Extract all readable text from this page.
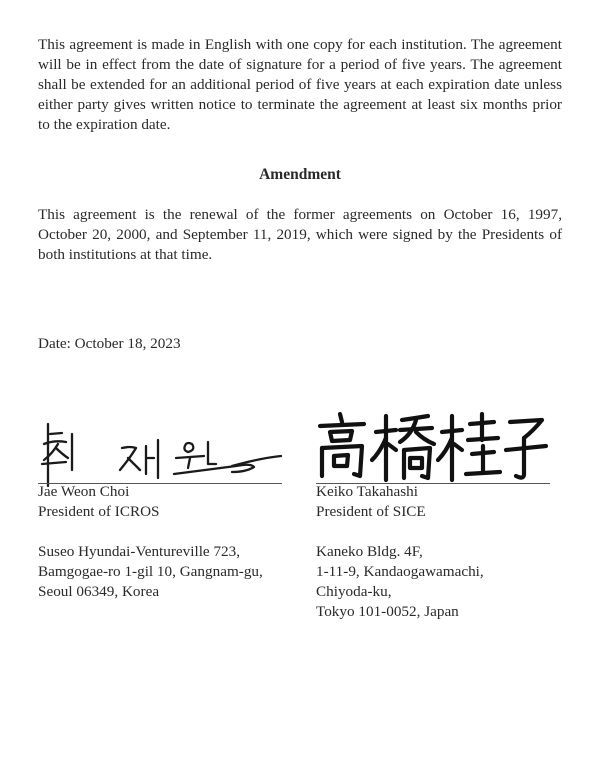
This agreement is made in English with one copy for each institution. The agreement will be in effect from the date of signature for a period of five years. The agreement shall be extended for an additional period of five years at each expiration date unless either party gives written notice to terminate the agreement at least six months prior to the expiration date.

Amendment

This agreement is the renewal of the former agreements on October 16, 1997, October 20, 2000, and September 11, 2019, which were signed by the Presidents of both institutions at that time.

Date: October 18, 2023
Jae Weon Choi
President of ICROS
Suseo Hyundai-Ventureville 723,
Bamgogae-ro 1-gil 10, Gangnam-gu,
Seoul 06349, Korea
Keiko Takahashi
President of SICE
Kaneko Bldg. 4F,
1-11-9, Kandaogawamachi,
Chiyoda-ku,
Tokyo 101-0052, Japan
